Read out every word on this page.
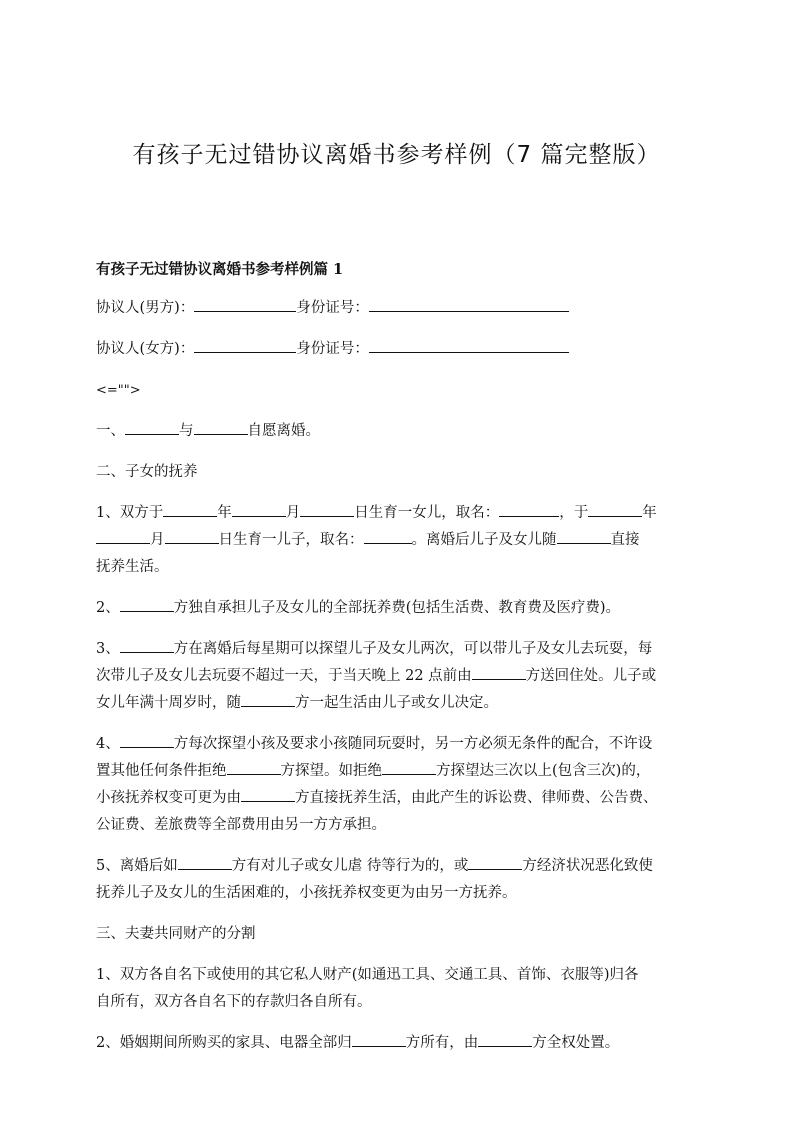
有孩子无过错协议离婚书参考样例（7 篇完整版）
有孩子无过错协议离婚书参考样例篇 1
协议人(男方)：	身份证号：
协议人(女方)：	身份证号：
<="">
一、	与	自愿离婚。
二、子女的抚养
1、双方于	年	月	日生育一女儿，取名：	，于	年
月	日生育一儿子，取名：	。离婚后儿子及女儿随	直接
抚养生活。
2、	方独自承担儿子及女儿的全部抚养费(包括生活费、教育费及医疗费)。
3、	方在离婚后每星期可以探望儿子及女儿两次，可以带儿子及女儿去玩耍，每
次带儿子及女儿去玩耍不超过一天，于当天晚上 22 点前由	方送回住处。儿子或
女儿年满十周岁时，随	方一起生活由儿子或女儿决定。
4、	方每次探望小孩及要求小孩随同玩耍时，另一方必须无条件的配合，不许设
置其他任何条件拒绝	方探望。如拒绝	方探望达三次以上(包含三次)的，
小孩抚养权变可更为由	方直接抚养生活，由此产生的诉讼费、律师费、公告费、
公证费、差旅费等全部费用由另一方方承担。
5、离婚后如	方有对儿子或女儿虐 待等行为的，或	方经济状况恶化致使
抚养儿子及女儿的生活困难的，小孩抚养权变更为由另一方抚养。
三、夫妻共同财产的分割
1、双方各自名下或使用的其它私人财产(如通迅工具、交通工具、首饰、衣服等)归各
自所有，双方各自名下的存款归各自所有。
2、婚姻期间所购买的家具、电器全部归	方所有，由	方全权处置。
